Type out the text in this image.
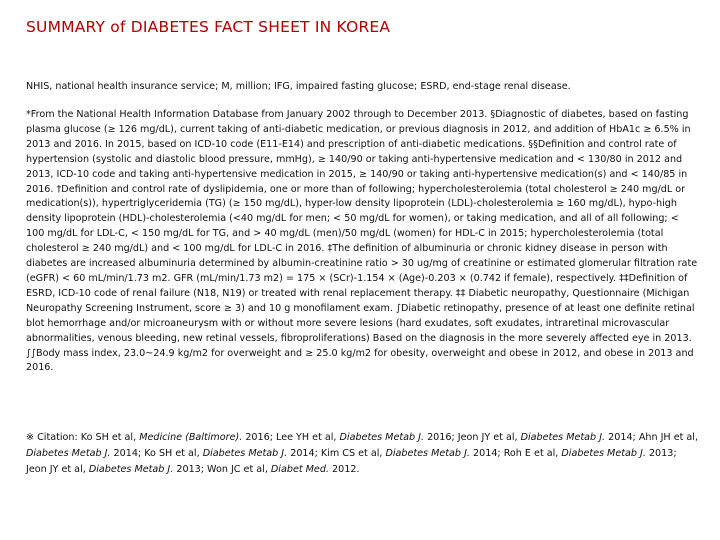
SUMMARY of DIABETES FACT SHEET IN KOREA
NHIS, national health insurance service; M, million; IFG, impaired fasting glucose; ESRD, end-stage renal disease.
*From the National Health Information Database from January 2002 through to December 2013. §Diagnostic of diabetes, based on fasting plasma glucose (≥ 126 mg/dL), current taking of anti-diabetic medication, or previous diagnosis in 2012, and addition of HbA1c ≥ 6.5% in 2013 and 2016. In 2015, based on ICD-10 code (E11-E14) and prescription of anti-diabetic medications. §§Definition and control rate of hypertension (systolic and diastolic blood pressure, mmHg), ≥ 140/90 or taking anti-hypertensive medication and < 130/80 in 2012 and 2013, ICD-10 code and taking anti-hypertensive medication in 2015, ≥ 140/90 or taking anti-hypertensive medication(s) and < 140/85 in 2016. †Definition and control rate of dyslipidemia, one or more than of following; hypercholesterolemia (total cholesterol ≥ 240 mg/dL or medication(s)), hypertriglyceridemia (TG) (≥ 150 mg/dL), hyper-low density lipoprotein (LDL)-cholesterolemia ≥ 160 mg/dL), hypo-high density lipoprotein (HDL)-cholesterolemia (<40 mg/dL for men; < 50 mg/dL for women), or taking medication, and all of all following; < 100 mg/dL for LDL-C, < 150 mg/dL for TG, and > 40 mg/dL (men)/50 mg/dL (women) for HDL-C in 2015; hypercholesterolemia (total cholesterol ≥ 240 mg/dL) and < 100 mg/dL for LDL-C in 2016. ‡The definition of albuminuria or chronic kidney disease in person with diabetes are increased albuminuria determined by albumin-creatinine ratio > 30 ug/mg of creatinine or estimated glomerular filtration rate (eGFR) < 60 mL/min/1.73 m2. GFR (mL/min/1.73 m2) = 175 × (SCr)-1.154 × (Age)-0.203 × (0.742 if female), respectively. ‡‡Definition of ESRD, ICD-10 code of renal failure (N18, N19) or treated with renal replacement therapy. ‡‡ Diabetic neuropathy, Questionnaire (Michigan Neuropathy Screening Instrument, score ≥ 3) and 10 g monofilament exam. ∫Diabetic retinopathy, presence of at least one definite retinal blot hemorrhage and/or microaneurysm with or without more severe lesions (hard exudates, soft exudates, intraretinal microvascular abnormalities, venous bleeding, new retinal vessels, fibroproliferations) Based on the diagnosis in the more severely affected eye in 2013. ∫∫Body mass index, 23.0~24.9 kg/m2 for overweight and ≥ 25.0 kg/m2 for obesity, overweight and obese in 2012, and obese in 2013 and 2016.
※ Citation: Ko SH et al, Medicine (Baltimore). 2016; Lee YH et al, Diabetes Metab J. 2016; Jeon JY et al, Diabetes Metab J. 2014; Ahn JH et al, Diabetes Metab J. 2014; Ko SH et al, Diabetes Metab J. 2014; Kim CS et al, Diabetes Metab J. 2014; Roh E et al, Diabetes Metab J. 2013; Jeon JY et al, Diabetes Metab J. 2013; Won JC et al, Diabet Med. 2012.
